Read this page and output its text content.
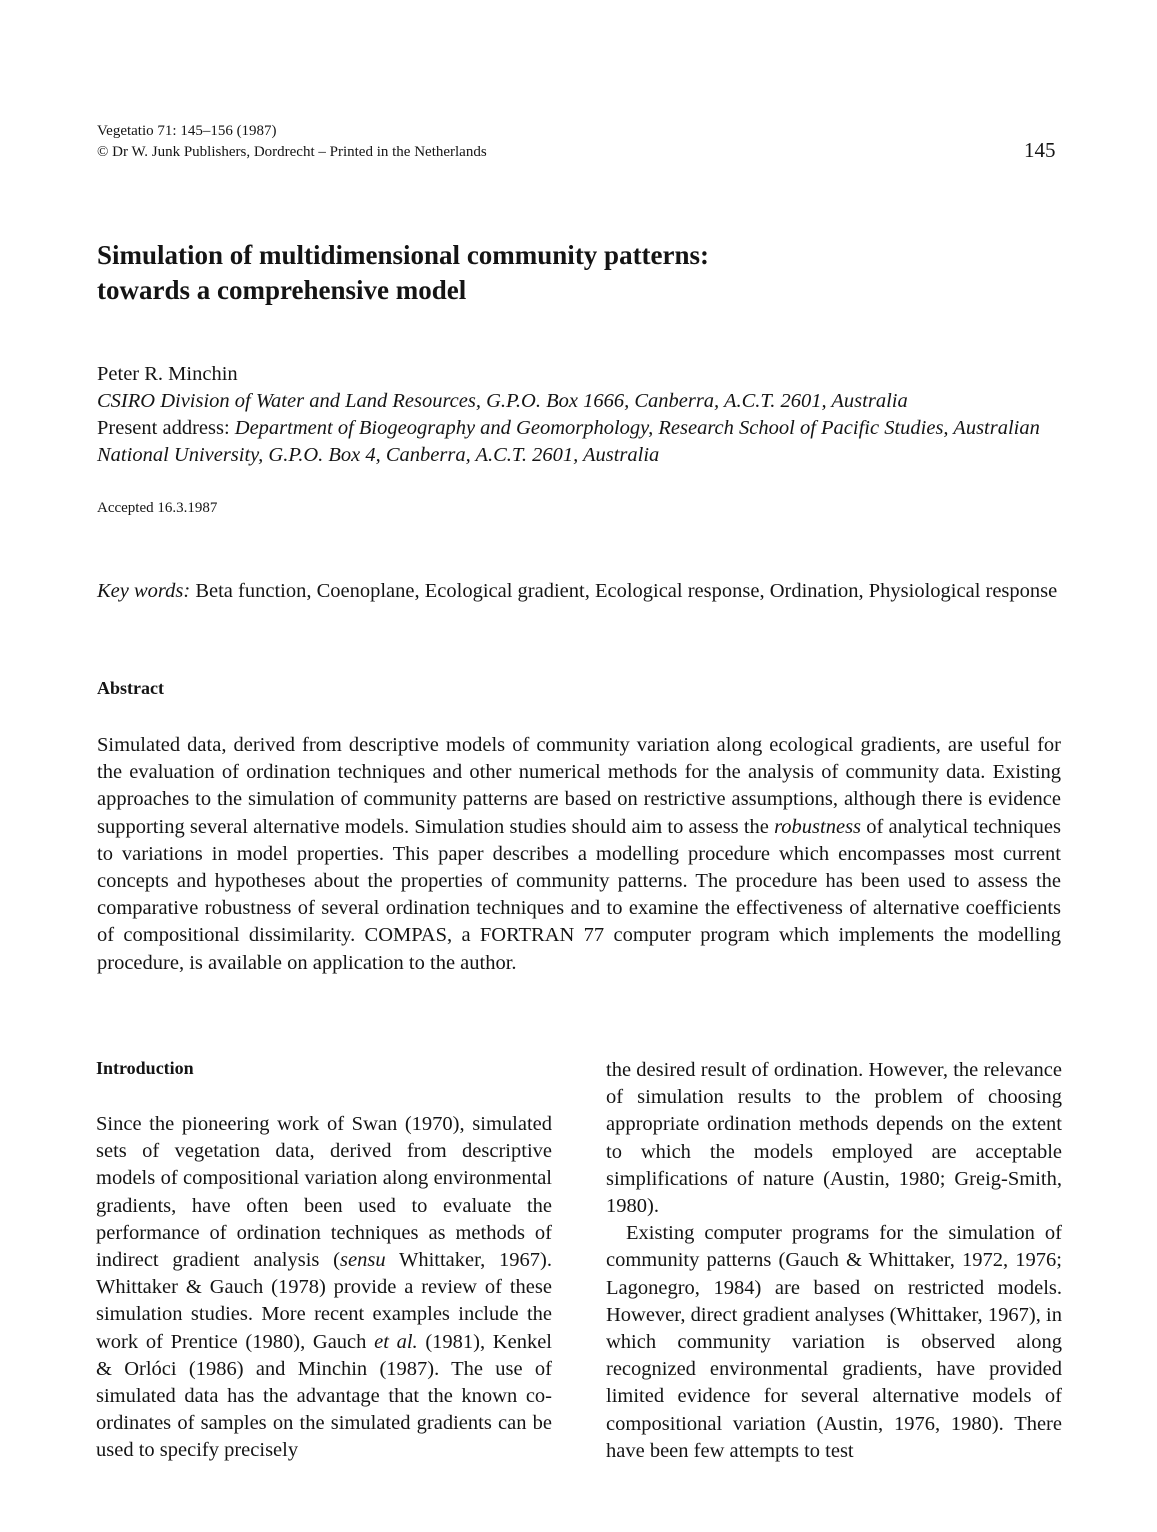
Vegetatio 71: 145–156 (1987)
© Dr W. Junk Publishers, Dordrecht – Printed in the Netherlands	145
Simulation of multidimensional community patterns:
towards a comprehensive model
Peter R. Minchin
CSIRO Division of Water and Land Resources, G.P.O. Box 1666, Canberra, A.C.T. 2601, Australia
Present address: Department of Biogeography and Geomorphology, Research School of Pacific Studies, Australian National University, G.P.O. Box 4, Canberra, A.C.T. 2601, Australia
Accepted 16.3.1987
Key words: Beta function, Coenoplane, Ecological gradient, Ecological response, Ordination, Physiological response
Abstract
Simulated data, derived from descriptive models of community variation along ecological gradients, are useful for the evaluation of ordination techniques and other numerical methods for the analysis of community data. Existing approaches to the simulation of community patterns are based on restrictive assumptions, although there is evidence supporting several alternative models. Simulation studies should aim to assess the robustness of analytical techniques to variations in model properties. This paper describes a modelling procedure which encompasses most current concepts and hypotheses about the properties of community patterns. The procedure has been used to assess the comparative robustness of several ordination techniques and to examine the effectiveness of alternative coefficients of compositional dissimilarity. COMPAS, a FORTRAN 77 computer program which implements the modelling procedure, is available on application to the author.
Introduction

Since the pioneering work of Swan (1970), simulated sets of vegetation data, derived from descriptive models of compositional variation along environmental gradients, have often been used to evaluate the performance of ordination techniques as methods of indirect gradient analysis (sensu Whittaker, 1967). Whittaker & Gauch (1978) provide a review of these simulation studies. More recent examples include the work of Prentice (1980), Gauch et al. (1981), Kenkel & Orlóci (1986) and Minchin (1987). The use of simulated data has the advantage that the known co-ordinates of samples on the simulated gradients can be used to specify precisely

the desired result of ordination. However, the relevance of simulation results to the problem of choosing appropriate ordination methods depends on the extent to which the models employed are acceptable simplifications of nature (Austin, 1980; Greig-Smith, 1980).

Existing computer programs for the simulation of community patterns (Gauch & Whittaker, 1972, 1976; Lagonegro, 1984) are based on restricted models. However, direct gradient analyses (Whittaker, 1967), in which community variation is observed along recognized environmental gradients, have provided limited evidence for several alternative models of compositional variation (Austin, 1976, 1980). There have been few attempts to test
